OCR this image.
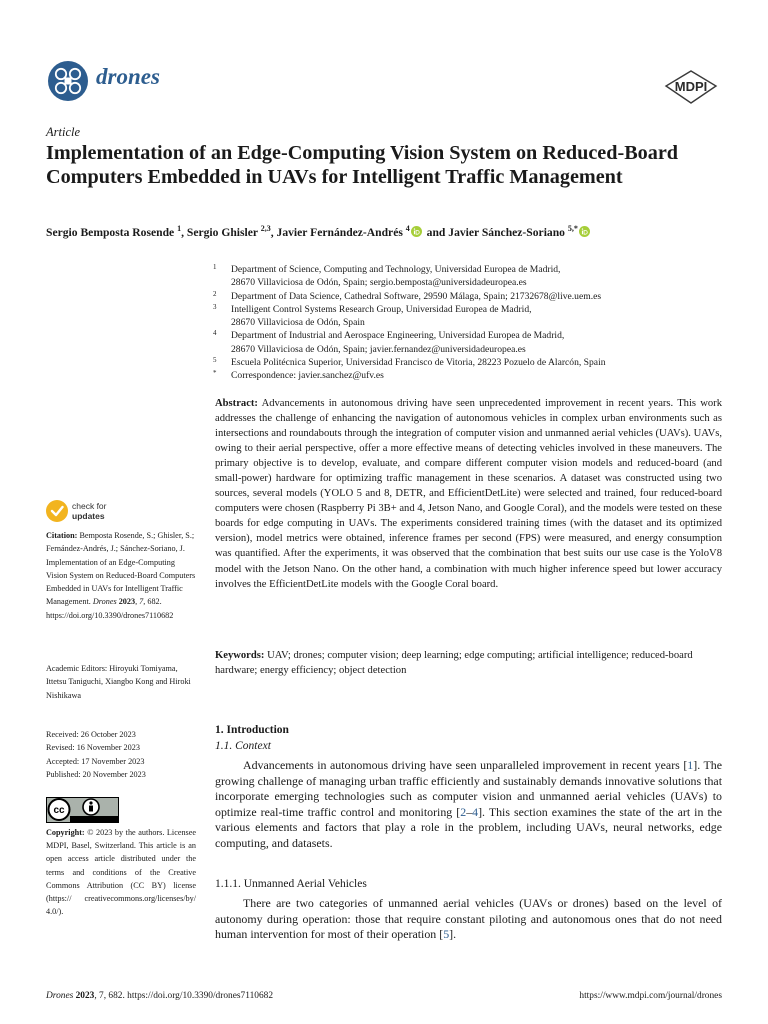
drones	MDPI
Article
Implementation of an Edge-Computing Vision System on Reduced-Board Computers Embedded in UAVs for Intelligent Traffic Management
Sergio Bemposta Rosende $^1$, Sergio Ghisler $^{2,3}$, Javier Fernández-Andrés $^4$ and Javier Sánchez-Soriano $^{5,*}$
1	Department of Science, Computing and Technology, Universidad Europea de Madrid,
28670 Villaviciosa de Odón, Spain; sergio.bemposta@universidadeuropea.es
2	Department of Data Science, Cathedral Software, 29590 Málaga, Spain; 21732678@live.uem.es
3	Intelligent Control Systems Research Group, Universidad Europea de Madrid,
28670 Villaviciosa de Odón, Spain
4	Department of Industrial and Aerospace Engineering, Universidad Europea de Madrid,
28670 Villaviciosa de Odón, Spain; javier.fernandez@universidadeuropea.es
5	Escuela Politécnica Superior, Universidad Francisco de Vitoria, 28223 Pozuelo de Alarcón, Spain
*	Correspondence: javier.sanchez@ufv.es
check for
updates

Citation: Bemposta Rosende, S.; Ghisler, S.; Fernández-Andrés, J.; Sánchez-Soriano, J. Implementation of an Edge-Computing Vision System on Reduced-Board Computers Embedded in UAVs for Intelligent Traffic Management. Drones 2023, 7, 682. https://doi.org/10.3390/drones7110682

Academic Editors: Hiroyuki Tomiyama, Ittetsu Taniguchi, Xiangbo Kong and Hiroki Nishikawa

Received: 26 October 2023
Revised: 16 November 2023
Accepted: 17 November 2023
Published: 20 November 2023
cc

Copyright: © 2023 by the authors. Licensee MDPI, Basel, Switzerland. This article is an open access article distributed under the terms and conditions of the Creative Commons Attribution (CC BY) license (https:// creativecommons.org/licenses/by/ 4.0/).

Abstract: Advancements in autonomous driving have seen unprecedented improvement in recent years. This work addresses the challenge of enhancing the navigation of autonomous vehicles in complex urban environments such as intersections and roundabouts through the integration of computer vision and unmanned aerial vehicles (UAVs). UAVs, owing to their aerial perspective, offer a more effective means of detecting vehicles involved in these maneuvers. The primary objective is to develop, evaluate, and compare different computer vision models and reduced-board (and small-power) hardware for optimizing traffic management in these scenarios. A dataset was constructed using two sources, several models (YOLO 5 and 8, DETR, and EfficientDetLite) were selected and trained, four reduced-board computers were chosen (Raspberry Pi 3B+ and 4, Jetson Nano, and Google Coral), and the models were tested on these boards for edge computing in UAVs. The experiments considered training times (with the dataset and its optimized version), model metrics were obtained, inference frames per second (FPS) were measured, and energy consumption was quantified. After the experiments, it was observed that the combination that best suits our use case is the YoloV8 model with the Jetson Nano. On the other hand, a combination with much higher inference speed but lower accuracy involves the EfficientDetLite models with the Google Coral board.

Keywords: UAV; drones; computer vision; deep learning; edge computing; artificial intelligence; reduced-board hardware; energy efficiency; object detection

1. Introduction
1.1. Context

Advancements in autonomous driving have seen unparalleled improvement in recent years [1]. The growing challenge of managing urban traffic efficiently and sustainably demands innovative solutions that incorporate emerging technologies such as computer vision and unmanned aerial vehicles (UAVs) to optimize real-time traffic control and monitoring [2–4]. This section examines the state of the art in the various elements and factors that play a role in the problem, including UAVs, neural networks, edge computing, and datasets.

1.1.1. Unmanned Aerial Vehicles

There are two categories of unmanned aerial vehicles (UAVs or drones) based on the level of autonomy during operation: those that require constant piloting and autonomous ones that do not need human intervention for most of their operation [5].

Drones 2023, 7, 682. https://doi.org/10.3390/drones7110682	https://www.mdpi.com/journal/drones
